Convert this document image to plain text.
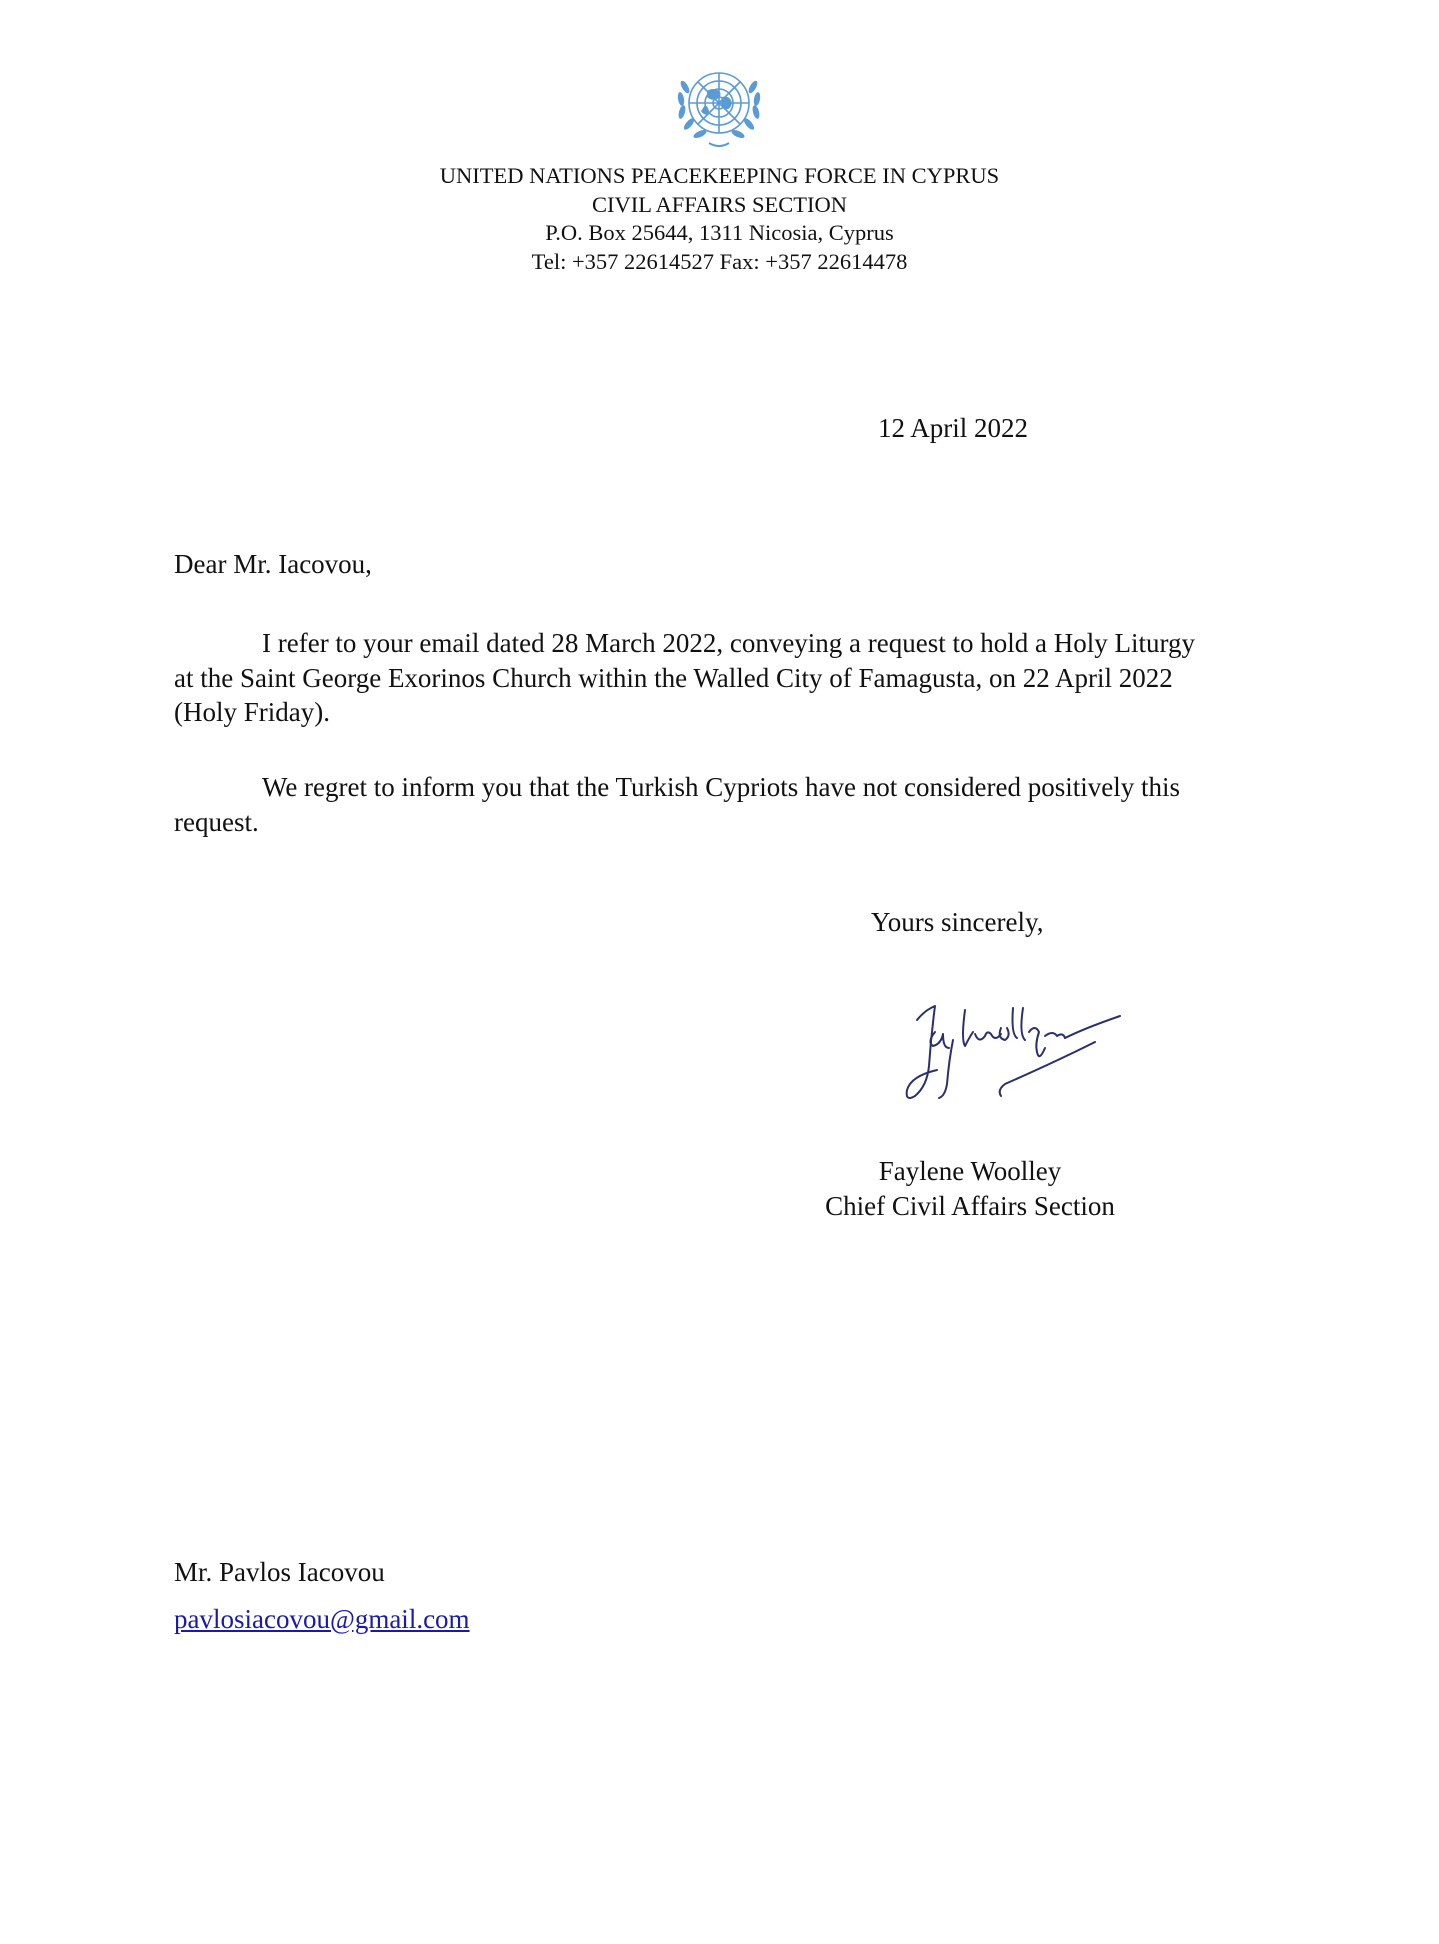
UNITED NATIONS PEACEKEEPING FORCE IN CYPRUS
CIVIL AFFAIRS SECTION
P.O. Box 25644, 1311 Nicosia, Cyprus
Tel: +357 22614527 Fax: +357 22614478
12 April 2022
Dear Mr. Iacovou,
I refer to your email dated 28 March 2022, conveying a request to hold a Holy Liturgy
at the Saint George Exorinos Church within the Walled City of Famagusta, on 22 April 2022
(Holy Friday).
We regret to inform you that the Turkish Cypriots have not considered positively this
request.
Yours sincerely,
Faylene Woolley
Chief Civil Affairs Section
Mr. Pavlos Iacovou
pavlosiacovou@gmail.com
